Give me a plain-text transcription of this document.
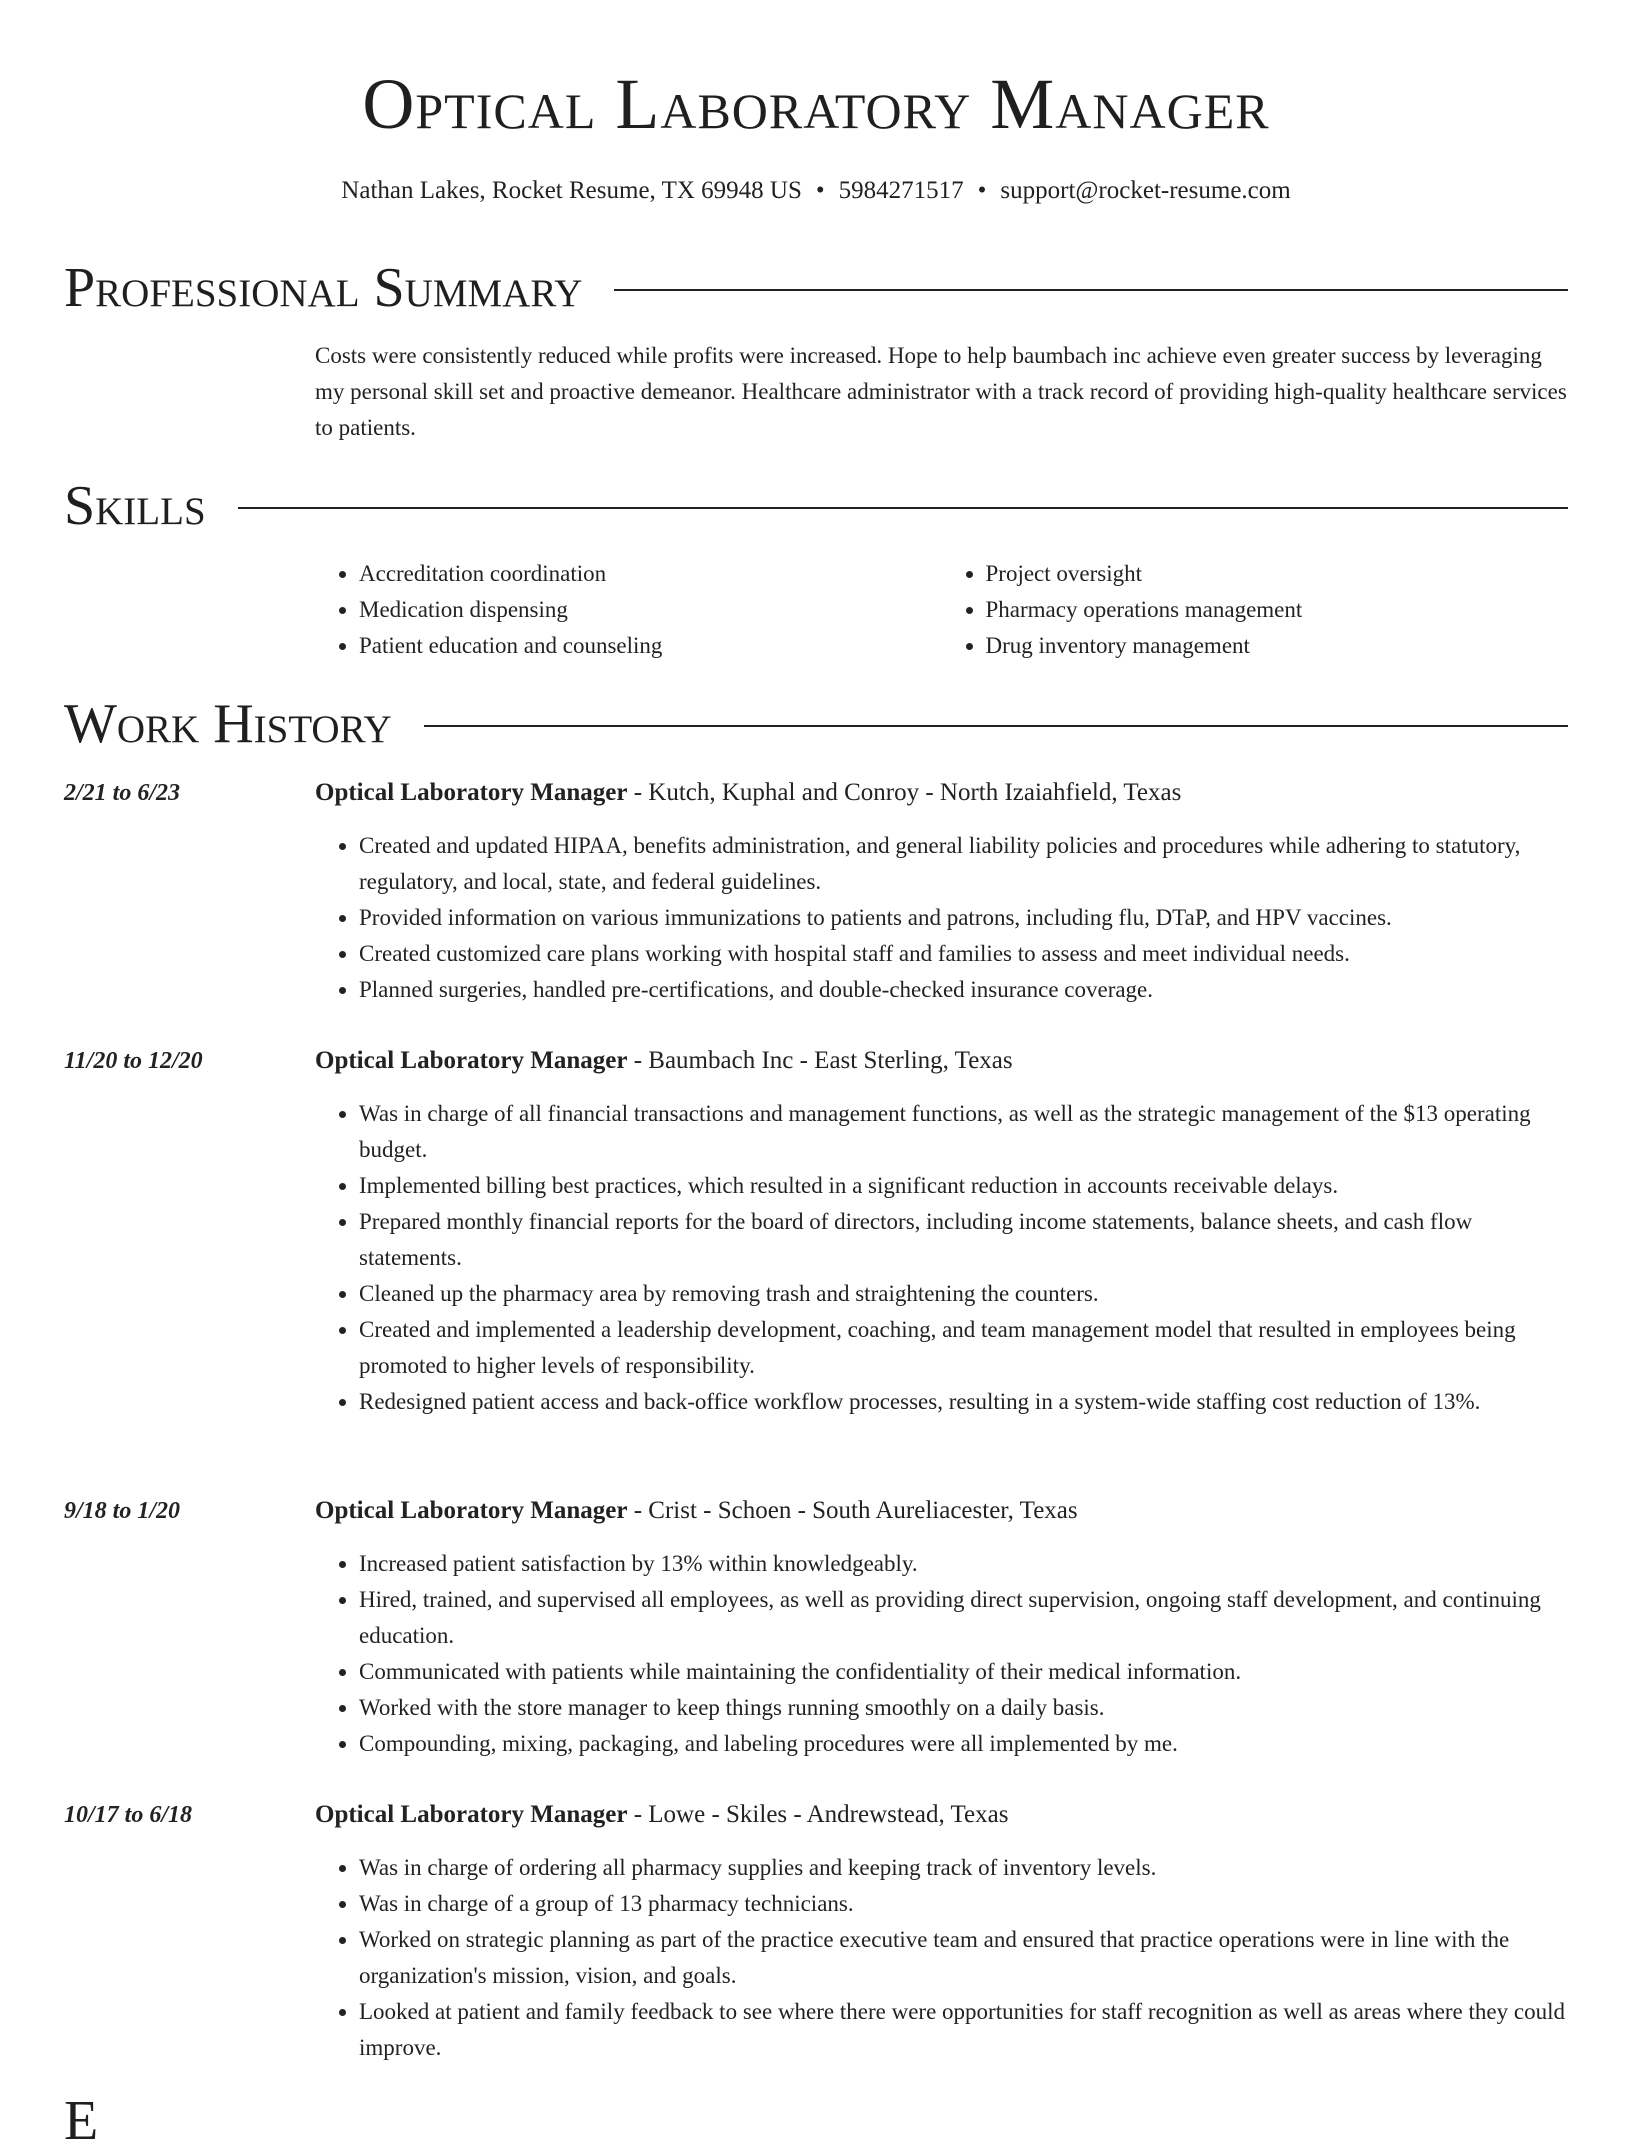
Optical Laboratory Manager
Nathan Lakes, Rocket Resume, TX 69948 US • 5984271517 • support@rocket-resume.com
Professional Summary

Costs were consistently reduced while profits were increased. Hope to help baumbach inc achieve even greater success by leveraging my personal skill set and proactive demeanor. Healthcare administrator with a track record of providing high-quality healthcare services to patients.

Skills
• Accreditation coordination
• Medication dispensing
• Patient education and counseling
• Project oversight
• Pharmacy operations management
• Drug inventory management
Work History
2/21 to 6/23	Optical Laboratory Manager - Kutch, Kuphal and Conroy - North Izaiahfield, Texas
• Created and updated HIPAA, benefits administration, and general liability policies and procedures while adhering to statutory, regulatory, and local, state, and federal guidelines.
• Provided information on various immunizations to patients and patrons, including flu, DTaP, and HPV vaccines.
• Created customized care plans working with hospital staff and families to assess and meet individual needs.
• Planned surgeries, handled pre-certifications, and double-checked insurance coverage.
11/20 to 12/20	Optical Laboratory Manager - Baumbach Inc - East Sterling, Texas
• Was in charge of all financial transactions and management functions, as well as the strategic management of the $13 operating budget.
• Implemented billing best practices, which resulted in a significant reduction in accounts receivable delays.
• Prepared monthly financial reports for the board of directors, including income statements, balance sheets, and cash flow statements.
• Cleaned up the pharmacy area by removing trash and straightening the counters.
• Created and implemented a leadership development, coaching, and team management model that resulted in employees being promoted to higher levels of responsibility.
• Redesigned patient access and back-office workflow processes, resulting in a system-wide staffing cost reduction of 13%.
9/18 to 1/20	Optical Laboratory Manager - Crist - Schoen - South Aureliacester, Texas
• Increased patient satisfaction by 13% within knowledgeably.
• Hired, trained, and supervised all employees, as well as providing direct supervision, ongoing staff development, and continuing education.
• Communicated with patients while maintaining the confidentiality of their medical information.
• Worked with the store manager to keep things running smoothly on a daily basis.
• Compounding, mixing, packaging, and labeling procedures were all implemented by me.
10/17 to 6/18	Optical Laboratory Manager - Lowe - Skiles - Andrewstead, Texas
• Was in charge of ordering all pharmacy supplies and keeping track of inventory levels.
• Was in charge of a group of 13 pharmacy technicians.
• Worked on strategic planning as part of the practice executive team and ensured that practice operations were in line with the organization's mission, vision, and goals.
• Looked at patient and family feedback to see where there were opportunities for staff recognition as well as areas where they could improve.
E
